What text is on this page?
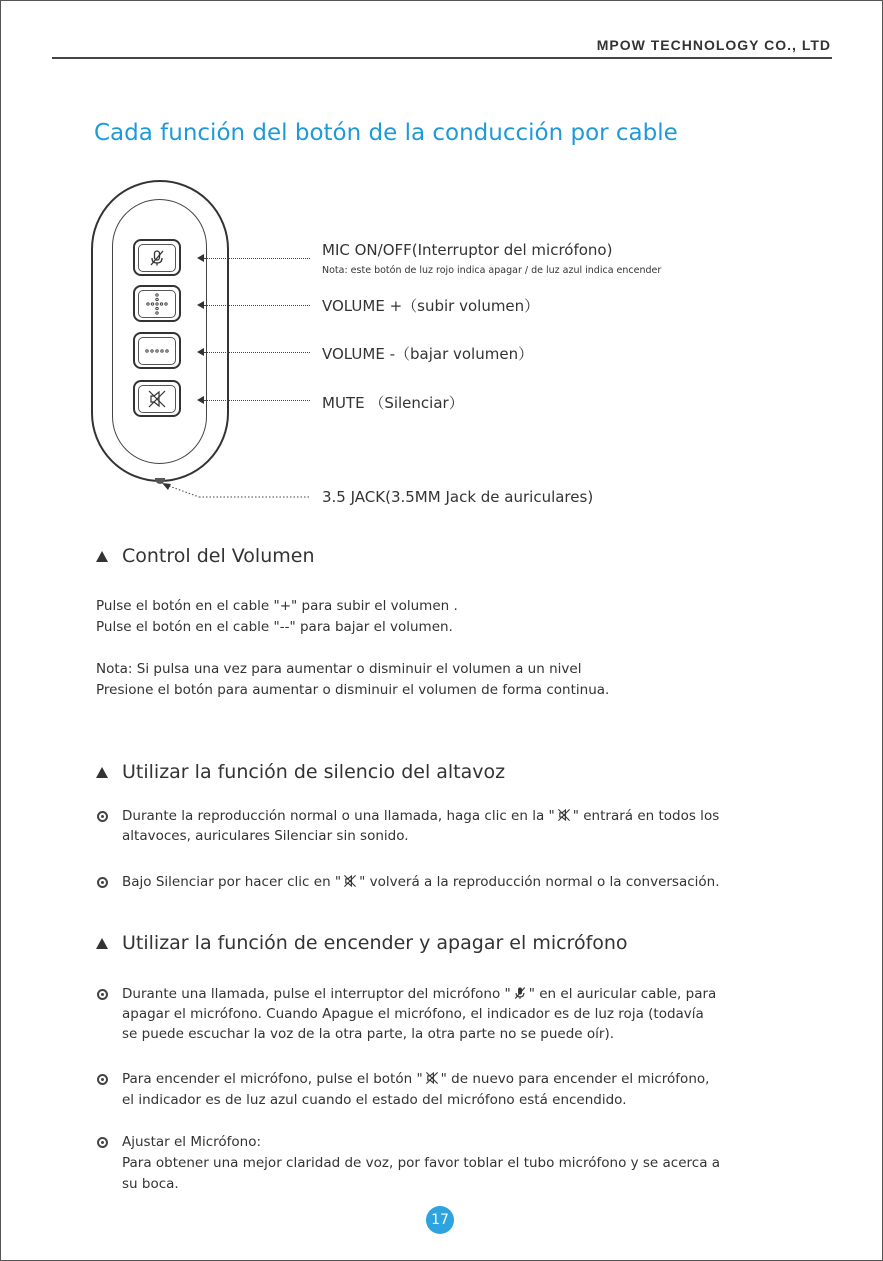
MPOW TECHNOLOGY CO., LTD
Cada función del botón de la conducción por cable
MIC ON/OFF(Interruptor del micrófono)
Nota: este botón de luz rojo indica apagar / de luz azul indica encender
VOLUME +（subir volumen）
VOLUME -（bajar volumen）
MUTE （Silenciar）
3.5 JACK(3.5MM Jack de auriculares)
Control del Volumen
Pulse el botón en el cable "+" para subir el volumen .
Pulse el botón en el cable "--" para bajar el volumen.
Nota: Si pulsa una vez para aumentar o disminuir el volumen a un nivel
Presione el botón para aumentar o disminuir el volumen de forma continua.
Utilizar la función de silencio del altavoz
Durante la reproducción normal o una llamada, haga clic en la " " entrará en todos los
altavoces, auriculares Silenciar sin sonido.
Bajo Silenciar por hacer clic en " " volverá a la reproducción normal o la conversación.
Utilizar la función de encender y apagar el micrófono
Durante una llamada, pulse el interruptor del micrófono " " en el auricular cable, para
apagar el micrófono. Cuando Apague el micrófono, el indicador es de luz roja (todavía
se puede escuchar la voz de la otra parte, la otra parte no se puede oír).
Para encender el micrófono, pulse el botón " " de nuevo para encender el micrófono,
el indicador es de luz azul cuando el estado del micrófono está encendido.
Ajustar el Micrófono:
Para obtener una mejor claridad de voz, por favor toblar el tubo micrófono y se acerca a
su boca.
17
